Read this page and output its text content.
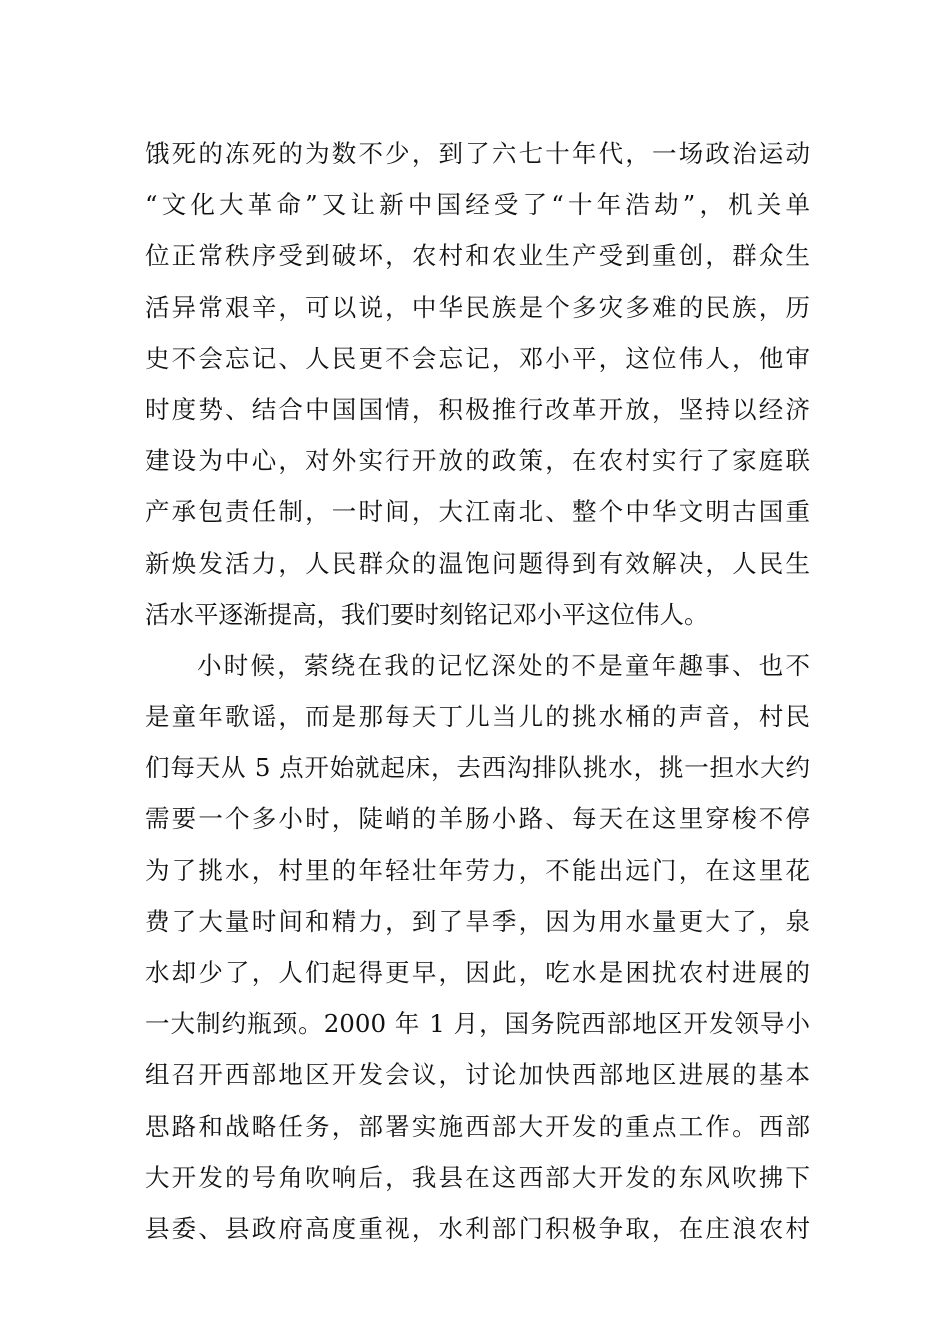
饿死的冻死的为数不少，到了六七十年代，一场政治运动
“文化大革命”又让新中国经受了“十年浩劫”，机关单
位正常秩序受到破坏，农村和农业生产受到重创，群众生
活异常艰辛，可以说，中华民族是个多灾多难的民族，历
史不会忘记、人民更不会忘记，邓小平，这位伟人，他审
时度势、结合中国国情，积极推行改革开放，坚持以经济
建设为中心，对外实行开放的政策，在农村实行了家庭联
产承包责任制，一时间，大江南北、整个中华文明古国重
新焕发活力，人民群众的温饱问题得到有效解决，人民生
活水平逐渐提高，我们要时刻铭记邓小平这位伟人。
小时候，萦绕在我的记忆深处的不是童年趣事、也不
是童年歌谣，而是那每天丁儿当儿的挑水桶的声音，村民
们每天从 5 点开始就起床，去西沟排队挑水，挑一担水大约
需要一个多小时，陡峭的羊肠小路、每天在这里穿梭不停
为了挑水，村里的年轻壮年劳力，不能出远门，在这里花
费了大量时间和精力，到了旱季，因为用水量更大了，泉
水却少了，人们起得更早，因此，吃水是困扰农村进展的
一大制约瓶颈。2000 年 1 月，国务院西部地区开发领导小
组召开西部地区开发会议，讨论加快西部地区进展的基本
思路和战略任务，部署实施西部大开发的重点工作。西部
大开发的号角吹响后，我县在这西部大开发的东风吹拂下
县委、县政府高度重视，水利部门积极争取，在庄浪农村
